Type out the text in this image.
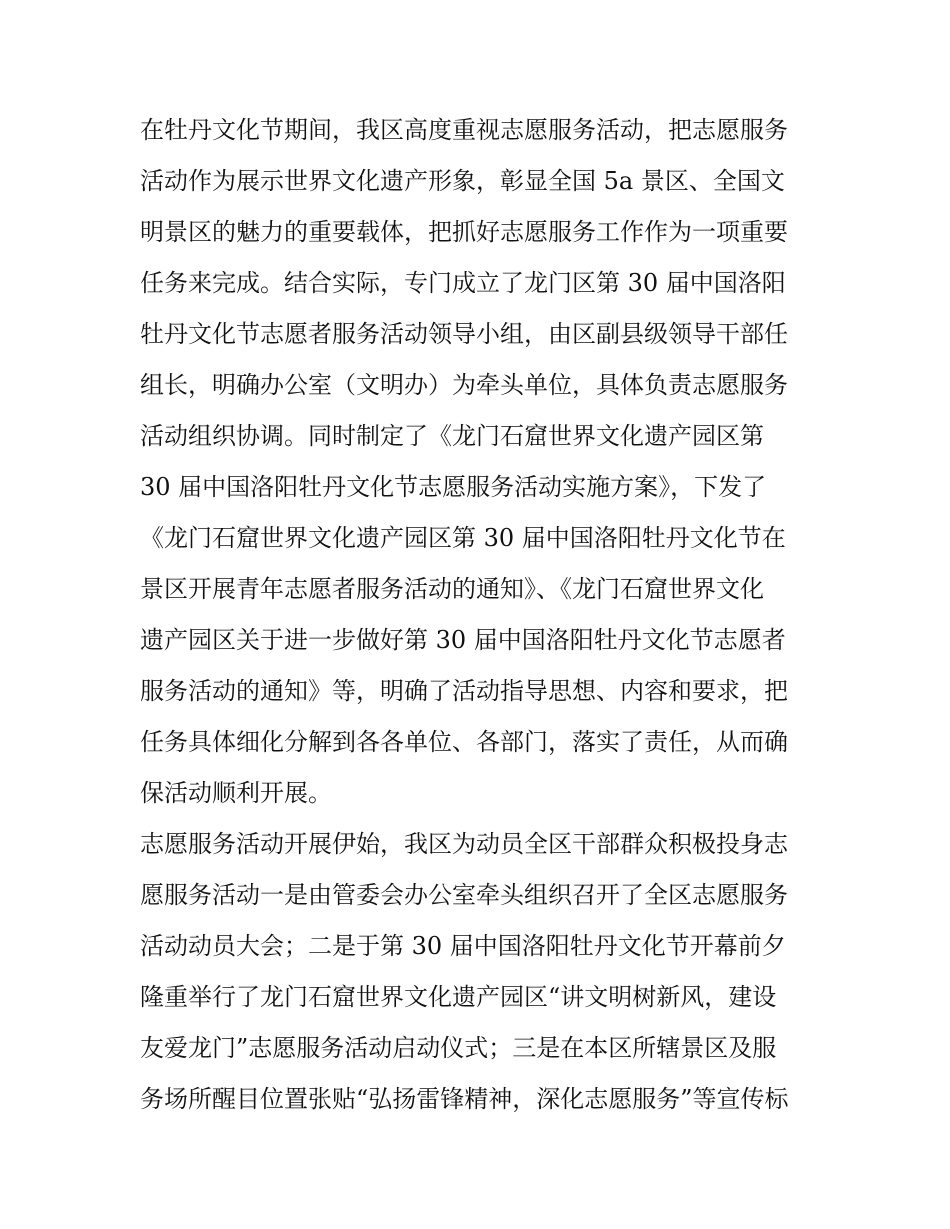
在牡丹文化节期间，我区高度重视志愿服务活动，把志愿服务
活动作为展示世界文化遗产形象，彰显全国 5a 景区、全国文
明景区的魅力的重要载体，把抓好志愿服务工作作为一项重要
任务来完成。结合实际，专门成立了龙门区第 30 届中国洛阳
牡丹文化节志愿者服务活动领导小组，由区副县级领导干部任
组长，明确办公室（文明办）为牵头单位，具体负责志愿服务
活动组织协调。同时制定了《龙门石窟世界文化遗产园区第
30 届中国洛阳牡丹文化节志愿服务活动实施方案》，下发了
《龙门石窟世界文化遗产园区第 30 届中国洛阳牡丹文化节在
景区开展青年志愿者服务活动的通知》、《龙门石窟世界文化
遗产园区关于进一步做好第 30 届中国洛阳牡丹文化节志愿者
服务活动的通知》等，明确了活动指导思想、内容和要求，把
任务具体细化分解到各各单位、各部门，落实了责任，从而确
保活动顺利开展。
志愿服务活动开展伊始，我区为动员全区干部群众积极投身志
愿服务活动一是由管委会办公室牵头组织召开了全区志愿服务
活动动员大会；二是于第 30 届中国洛阳牡丹文化节开幕前夕
隆重举行了龙门石窟世界文化遗产园区“讲文明树新风，建设
友爱龙门”志愿服务活动启动仪式；三是在本区所辖景区及服
务场所醒目位置张贴“弘扬雷锋精神，深化志愿服务”等宣传标
